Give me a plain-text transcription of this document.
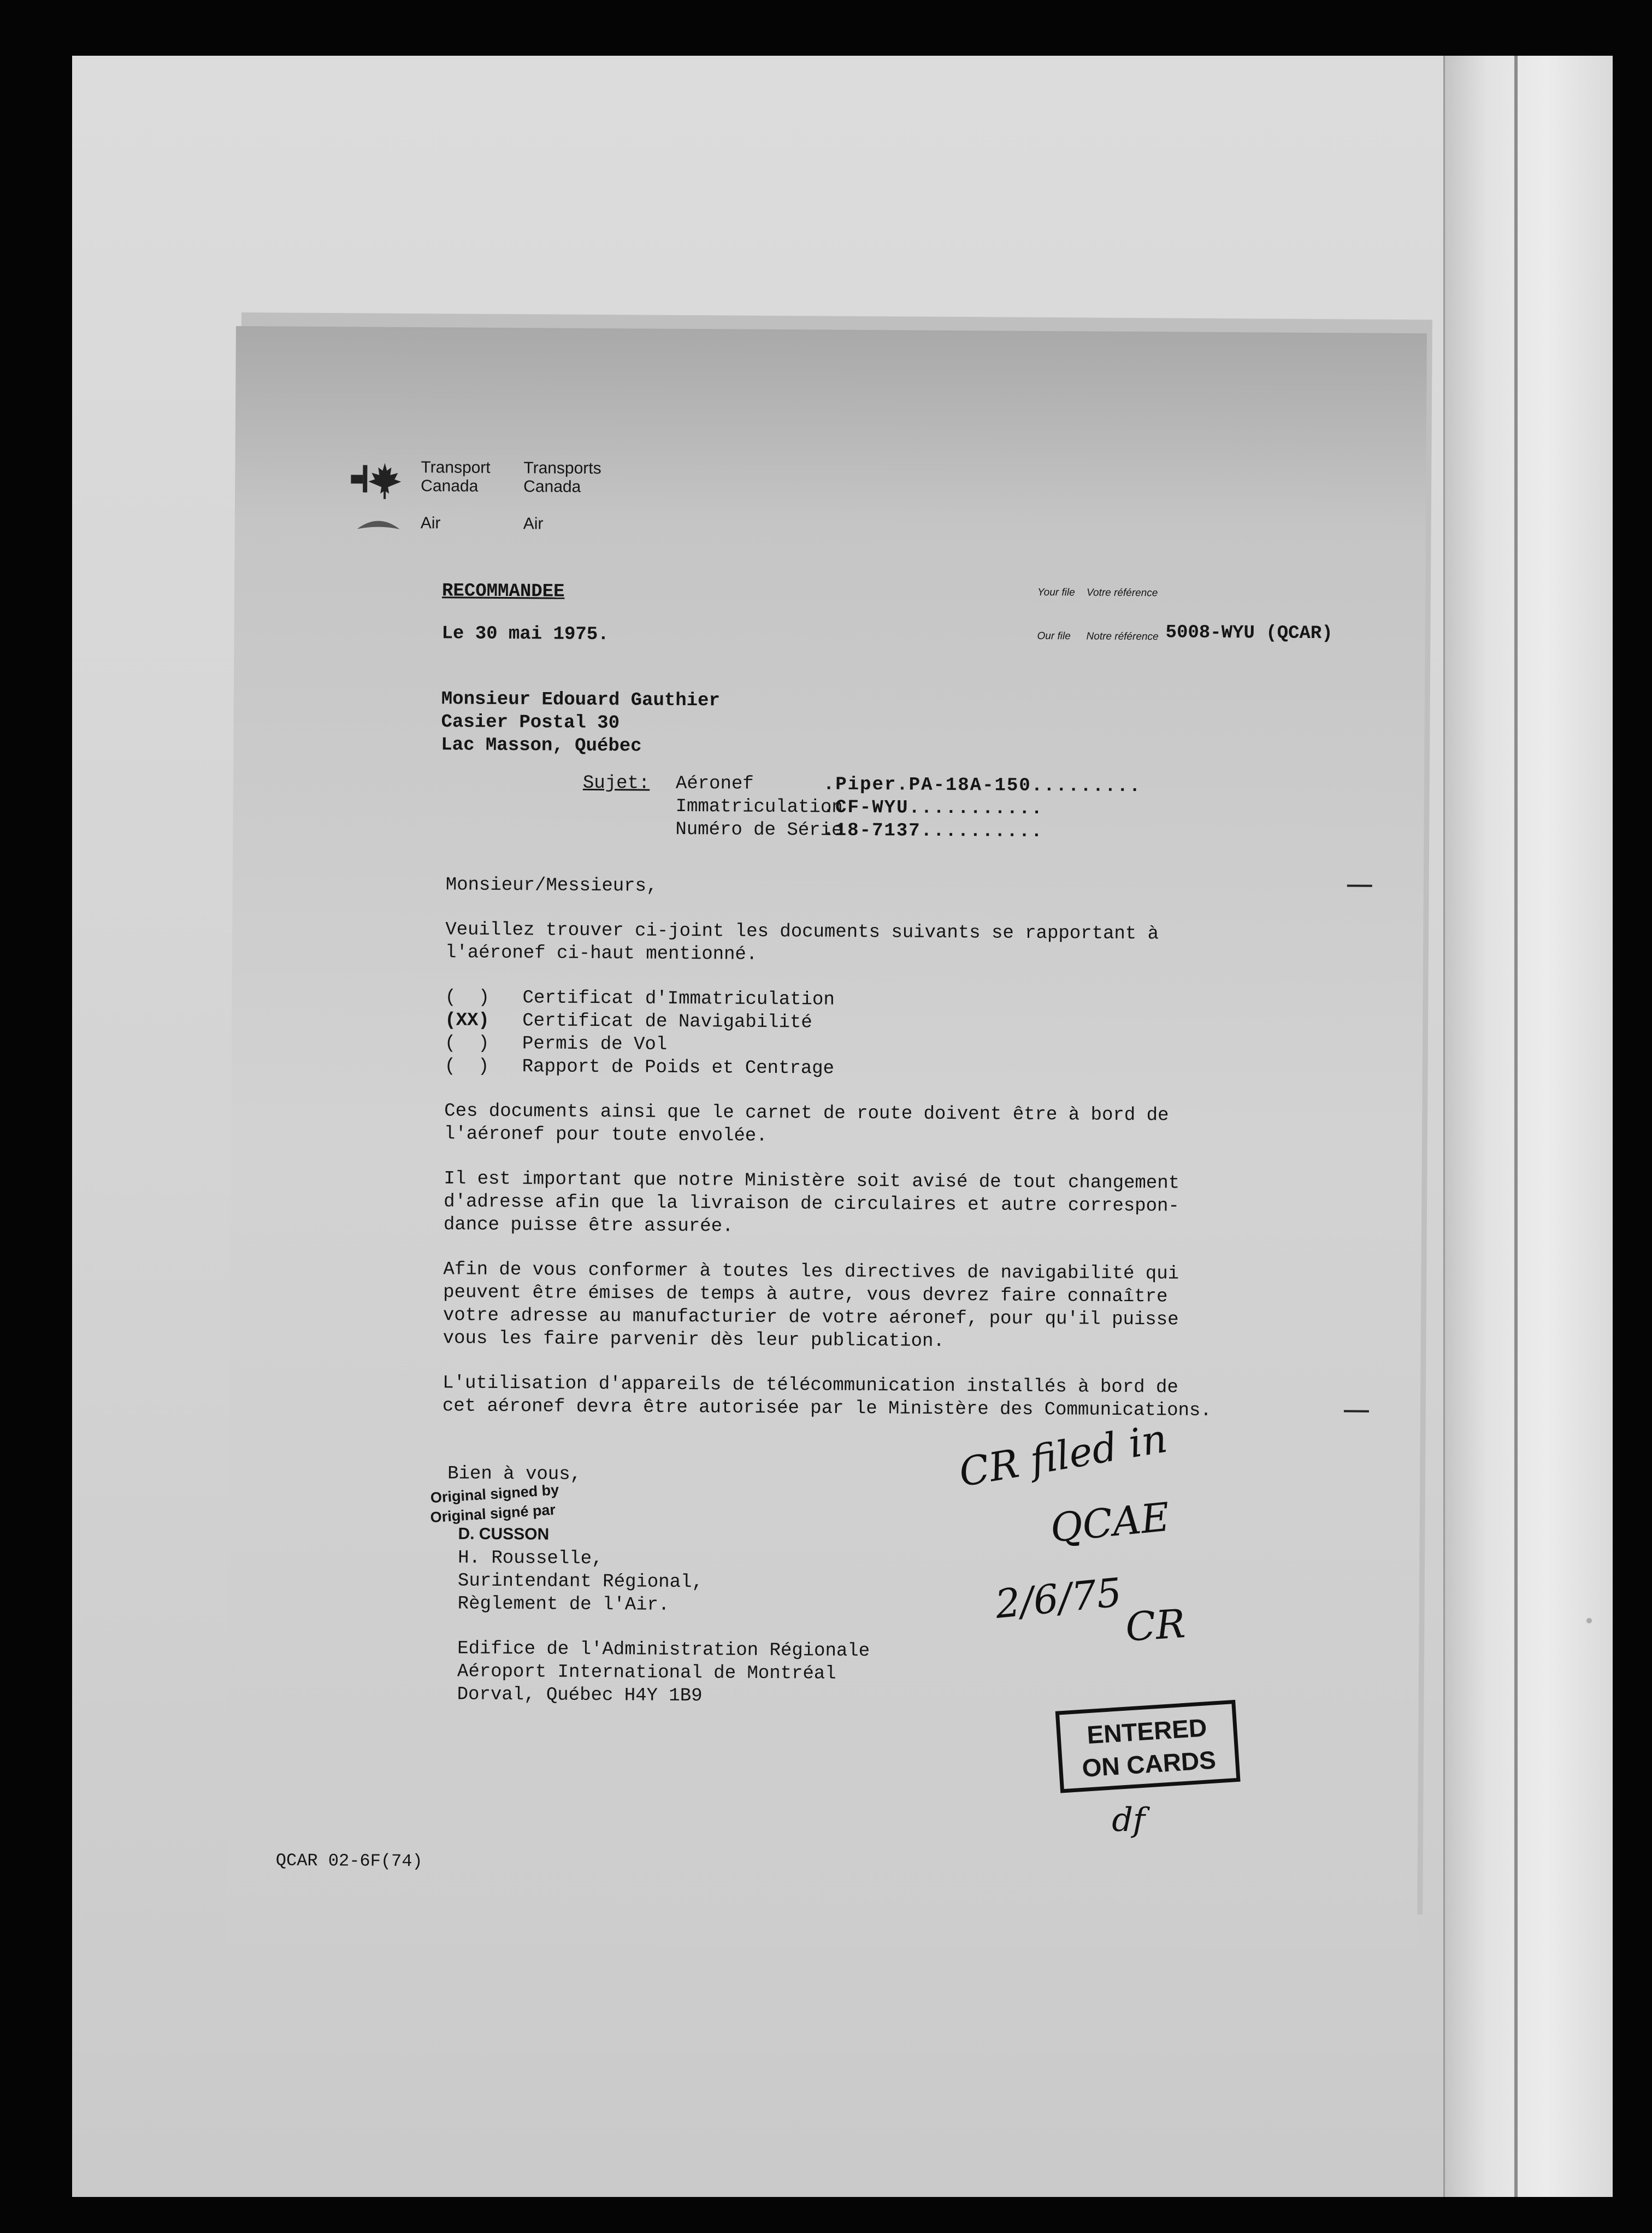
Transport
Canada
Transports
Canada
Air	Air
Your file Votre référence
Our file Notre référence 5008-WYU (QCAR)
RECOMMANDEE
Le 30 mai 1975.
Monsieur Edouard Gauthier
Casier Postal 30
Lac Masson, Québec
Sujet: Aéronef	.Piper.PA-18A-150.........
Immatriculation
.CF-WYU...........
Numéro de Série
.18-7137..........
Monsieur/Messieurs,
Veuillez trouver ci-joint les documents suivants se rapportant à
l'aéronef ci-haut mentionné.
(  ) Certificat d'Immatriculation
(XX) Certificat de Navigabilité
(  ) Permis de Vol
(  ) Rapport de Poids et Centrage
Ces documents ainsi que le carnet de route doivent être à bord de
l'aéronef pour toute envolée.
Il est important que notre Ministère soit avisé de tout changement
d'adresse afin que la livraison de circulaires et autre correspon-
dance puisse être assurée.
Afin de vous conformer à toutes les directives de navigabilité qui
peuvent être émises de temps à autre, vous devrez faire connaître
votre adresse au manufacturier de votre aéronef, pour qu'il puisse
vous les faire parvenir dès leur publication.
L'utilisation d'appareils de télécommunication installés à bord de
cet aéronef devra être autorisée par le Ministère des Communications.
Bien à vous,
Original signed by
Original signé par
D. CUSSON
H. Rousselle,
Surintendant Régional,
Règlement de l'Air.
Edifice de l'Administration Régionale
Aéroport International de Montréal
Dorval, Québec H4Y 1B9
CR filed in
QCAE
2/6/75 CR
df
ENTERED
ON CARDS
QCAR 02-6F(74)
